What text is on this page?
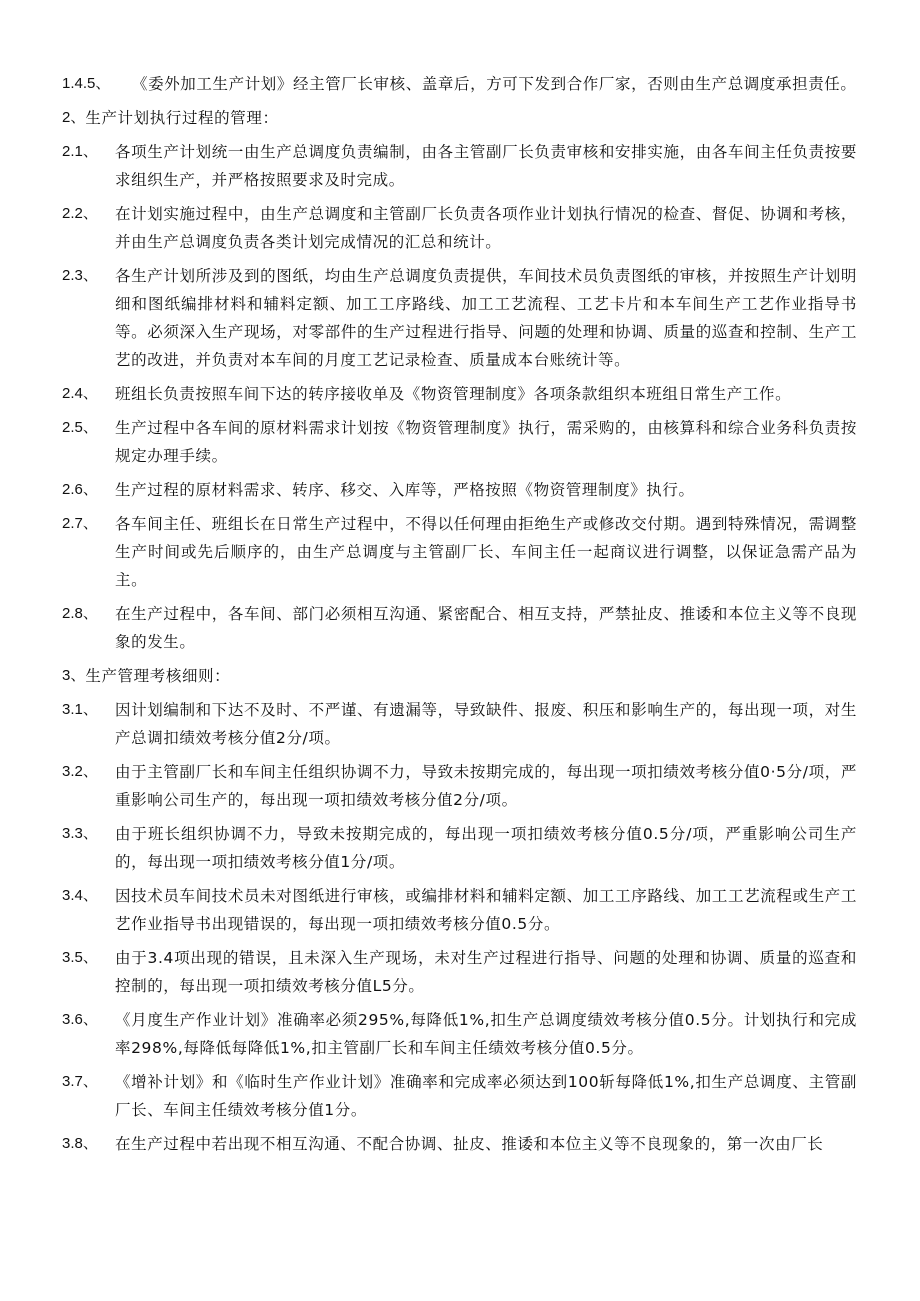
1.4.5、	《委外加工生产计划》经主管厂长审核、盖章后，方可下发到合作厂家，否则由生产总调度承担责任。
2、 生产计划执行过程的管理：
2.1、	各项生产计划统一由生产总调度负责编制，由各主管副厂长负责审核和安排实施，由各车间主任负责按要求组织生产，并严格按照要求及时完成。
2.2、	在计划实施过程中，由生产总调度和主管副厂长负责各项作业计划执行情况的检查、督促、协调和考核，并由生产总调度负责各类计划完成情况的汇总和统计。
2.3、	各生产计划所涉及到的图纸，均由生产总调度负责提供，车间技术员负责图纸的审核，并按照生产计划明细和图纸编排材料和辅料定额、加工工序路线、加工工艺流程、工艺卡片和本车间生产工艺作业指导书等。必须深入生产现场，对零部件的生产过程进行指导、问题的处理和协调、质量的巡查和控制、生产工艺的改进，并负责对本车间的月度工艺记录检查、质量成本台账统计等。
2.4、	班组长负责按照车间下达的转序接收单及《物资管理制度》各项条款组织本班组日常生产工作。
2.5、	生产过程中各车间的原材料需求计划按《物资管理制度》执行，需采购的，由核算科和综合业务科负责按规定办理手续。
2.6、	生产过程的原材料需求、转序、移交、入库等，严格按照《物资管理制度》执行。
2.7、	各车间主任、班组长在日常生产过程中，不得以任何理由拒绝生产或修改交付期。遇到特殊情况，需调整生产时间或先后顺序的，由生产总调度与主管副厂长、车间主任一起商议进行调整，以保证急需产品为主。
2.8、	在生产过程中，各车间、部门必须相互沟通、紧密配合、相互支持，严禁扯皮、推诿和本位主义等不良现象的发生。
3、 生产管理考核细则：
3.1、	因计划编制和下达不及时、不严谨、有遗漏等，导致缺件、报废、积压和影响生产的，每出现一项，对生产总调扣绩效考核分值2分/项。
3.2、	由于主管副厂长和车间主任组织协调不力，导致未按期完成的，每出现一项扣绩效考核分值0·5分/项，严重影响公司生产的，每出现一项扣绩效考核分值2分/项。
3.3、	由于班长组织协调不力，导致未按期完成的，每出现一项扣绩效考核分值0.5分/项，严重影响公司生产的，每出现一项扣绩效考核分值1分/项。
3.4、	因技术员车间技术员未对图纸进行审核，或编排材料和辅料定额、加工工序路线、加工工艺流程或生产工艺作业指导书出现错误的，每出现一项扣绩效考核分值0.5分。
3.5、	由于3.4项出现的错误，且未深入生产现场，未对生产过程进行指导、问题的处理和协调、质量的巡查和控制的，每出现一项扣绩效考核分值L5分。
3.6、	《月度生产作业计划》准确率必须295%,每降低1%,扣生产总调度绩效考核分值0.5分。计划执行和完成率298%,每降低每降低1%,扣主管副厂长和车间主任绩效考核分值0.5分。
3.7、	《增补计划》和《临时生产作业计划》准确率和完成率必须达到100斩每降低1%,扣生产总调度、主管副厂长、车间主任绩效考核分值1分。
3.8、	在生产过程中若出现不相互沟通、不配合协调、扯皮、推诿和本位主义等不良现象的，第一次由厂长
